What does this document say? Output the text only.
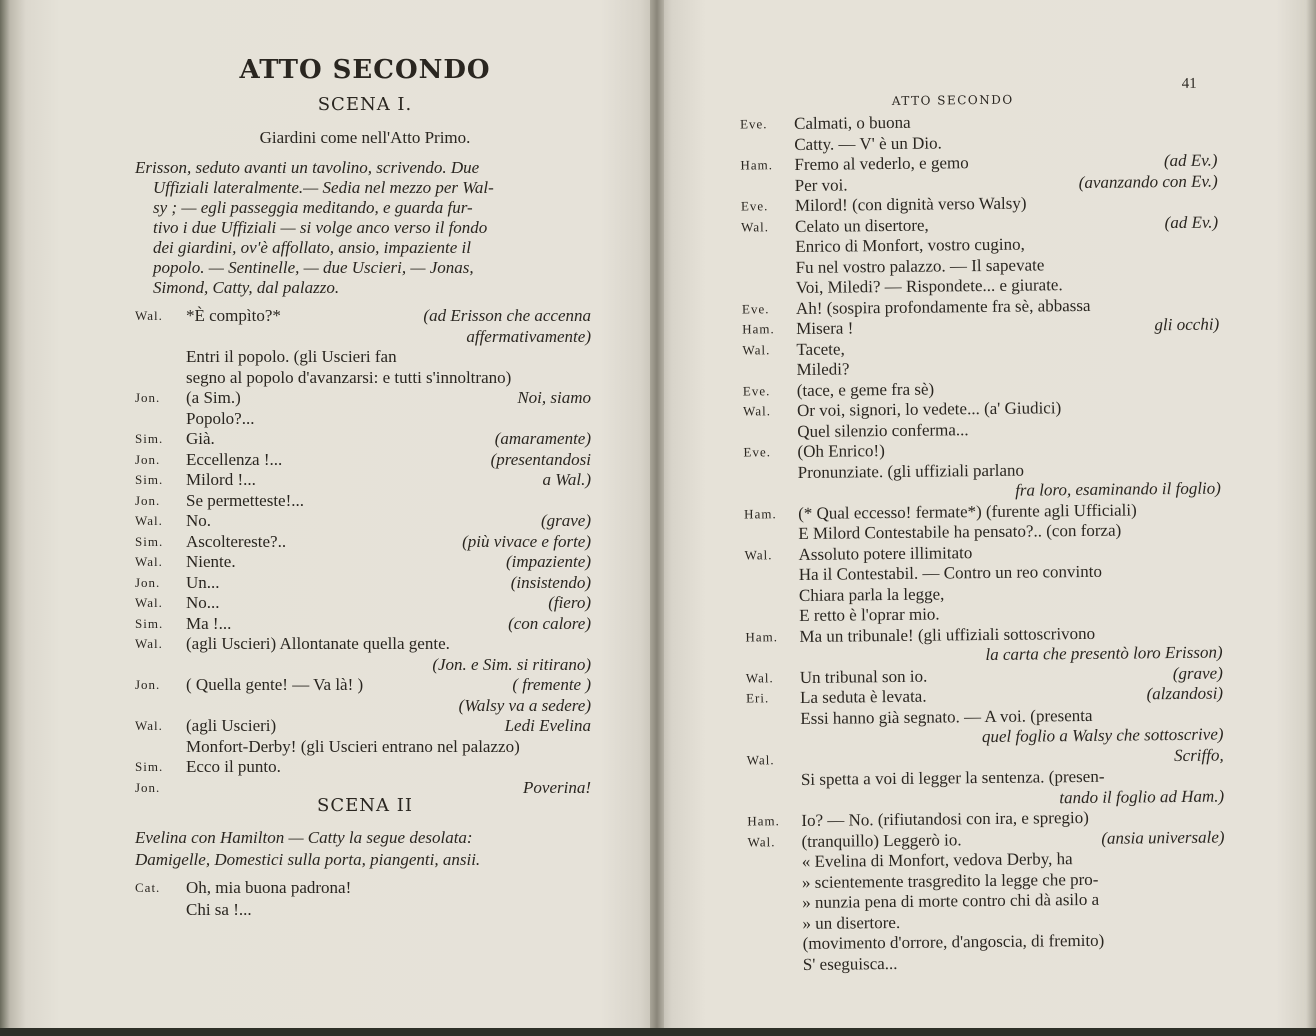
ATTO SECONDO
SCENA I.
Giardini come nell'Atto Primo.
Erisson, seduto avanti un tavolino, scrivendo. Due
Uffiziali lateralmente.— Sedia nel mezzo per Wal-
sy ; — egli passeggia meditando, e guarda fur-
tivo i due Uffiziali — si volge anco verso il fondo
dei giardini, ov'è affollato, ansio, impaziente il
popolo. — Sentinelle, — due Uscieri, — Jonas,
Simond, Catty, dal palazzo.
Wal. *È compìto?*	(ad Erisson che accenna
affermativamente)
Entri il popolo. (gli Uscieri fan
segno al popolo d'avanzarsi: e tutti s'innoltrano)
Jon. (a Sim.)	Noi, siamo
Popolo?...
Sim. Già.	(amaramente)
Jon. Eccellenza !...	(presentandosi
Sim. Milord !...	a Wal.)
Jon. Se permetteste!...
Wal. No.	(grave)
Sim. Ascoltereste?..	(più vivace e forte)
Wal. Niente.	(impaziente)
Jon. Un...	(insistendo)
Wal. No...	(fiero)
Sim. Ma !...	(con calore)
Wal. (agli Uscieri) Allontanate quella gente.
(Jon. e Sim. si ritirano)
Jon. ( Quella gente! — Va là! )	( fremente )
(Walsy va a sedere)
Wal. (agli Uscieri)	Ledi Evelina
Monfort-Derby! (gli Uscieri entrano nel palazzo)
Sim. Ecco il punto.
Jon.	Poverina!
SCENA II
Evelina con Hamilton — Catty la segue desolata:
Damigelle, Domestici sulla porta, piangenti, ansii.
Cat. Oh, mia buona padrona!
Chi sa !...
ATTO SECONDO
41
Eve. Calmati, o buona
Catty. — V' è un Dio.
Ham. Fremo al vederlo, e gemo	(ad Ev.)
Per voi.	(avanzando con Ev.)
Eve. Milord! (con dignità verso Walsy)
Wal. Celato un disertore,	(ad Ev.)
Enrico di Monfort, vostro cugino,
Fu nel vostro palazzo. — Il sapevate
Voi, Miledi? — Rispondete... e giurate.
Eve. Ah! (sospira profondamente fra sè, abbassa
Ham. Misera !	gli occhi)
Wal. Tacete,
Miledi?
Eve. (tace, e geme fra sè)
Wal. Or voi, signori, lo vedete... (a' Giudici)
Quel silenzio conferma...
Eve. (Oh Enrico!)
Pronunziate. (gli uffiziali parlano
fra loro, esaminando il foglio)
Ham. (* Qual eccesso! fermate*) (furente agli Ufficiali)
E Milord Contestabile ha pensato?.. (con forza)
Wal. Assoluto potere illimitato
Ha il Contestabil. — Contro un reo convinto
Chiara parla la legge,
E retto è l'oprar mio.
Ham. Ma un tribunale! (gli uffiziali sottoscrivono
la carta che presentò loro Erisson)
Wal. Un tribunal son io.	(grave)
Eri. La seduta è levata.	(alzandosi)
Essi hanno già segnato. — A voi. (presenta
quel foglio a Walsy che sottoscrive)
Wal.	Scriffo,
Si spetta a voi di legger la sentenza. (presen-
tando il foglio ad Ham.)
Ham. Io? — No. (rifiutandosi con ira, e spregio)
Wal. (tranquillo) Leggerò io.	(ansia universale)
« Evelina di Monfort, vedova Derby, ha
» scientemente trasgredito la legge che pro-
» nunzia pena di morte contro chi dà asilo a
» un disertore.
(movimento d'orrore, d'angoscia, di fremito)
S' eseguisca...
